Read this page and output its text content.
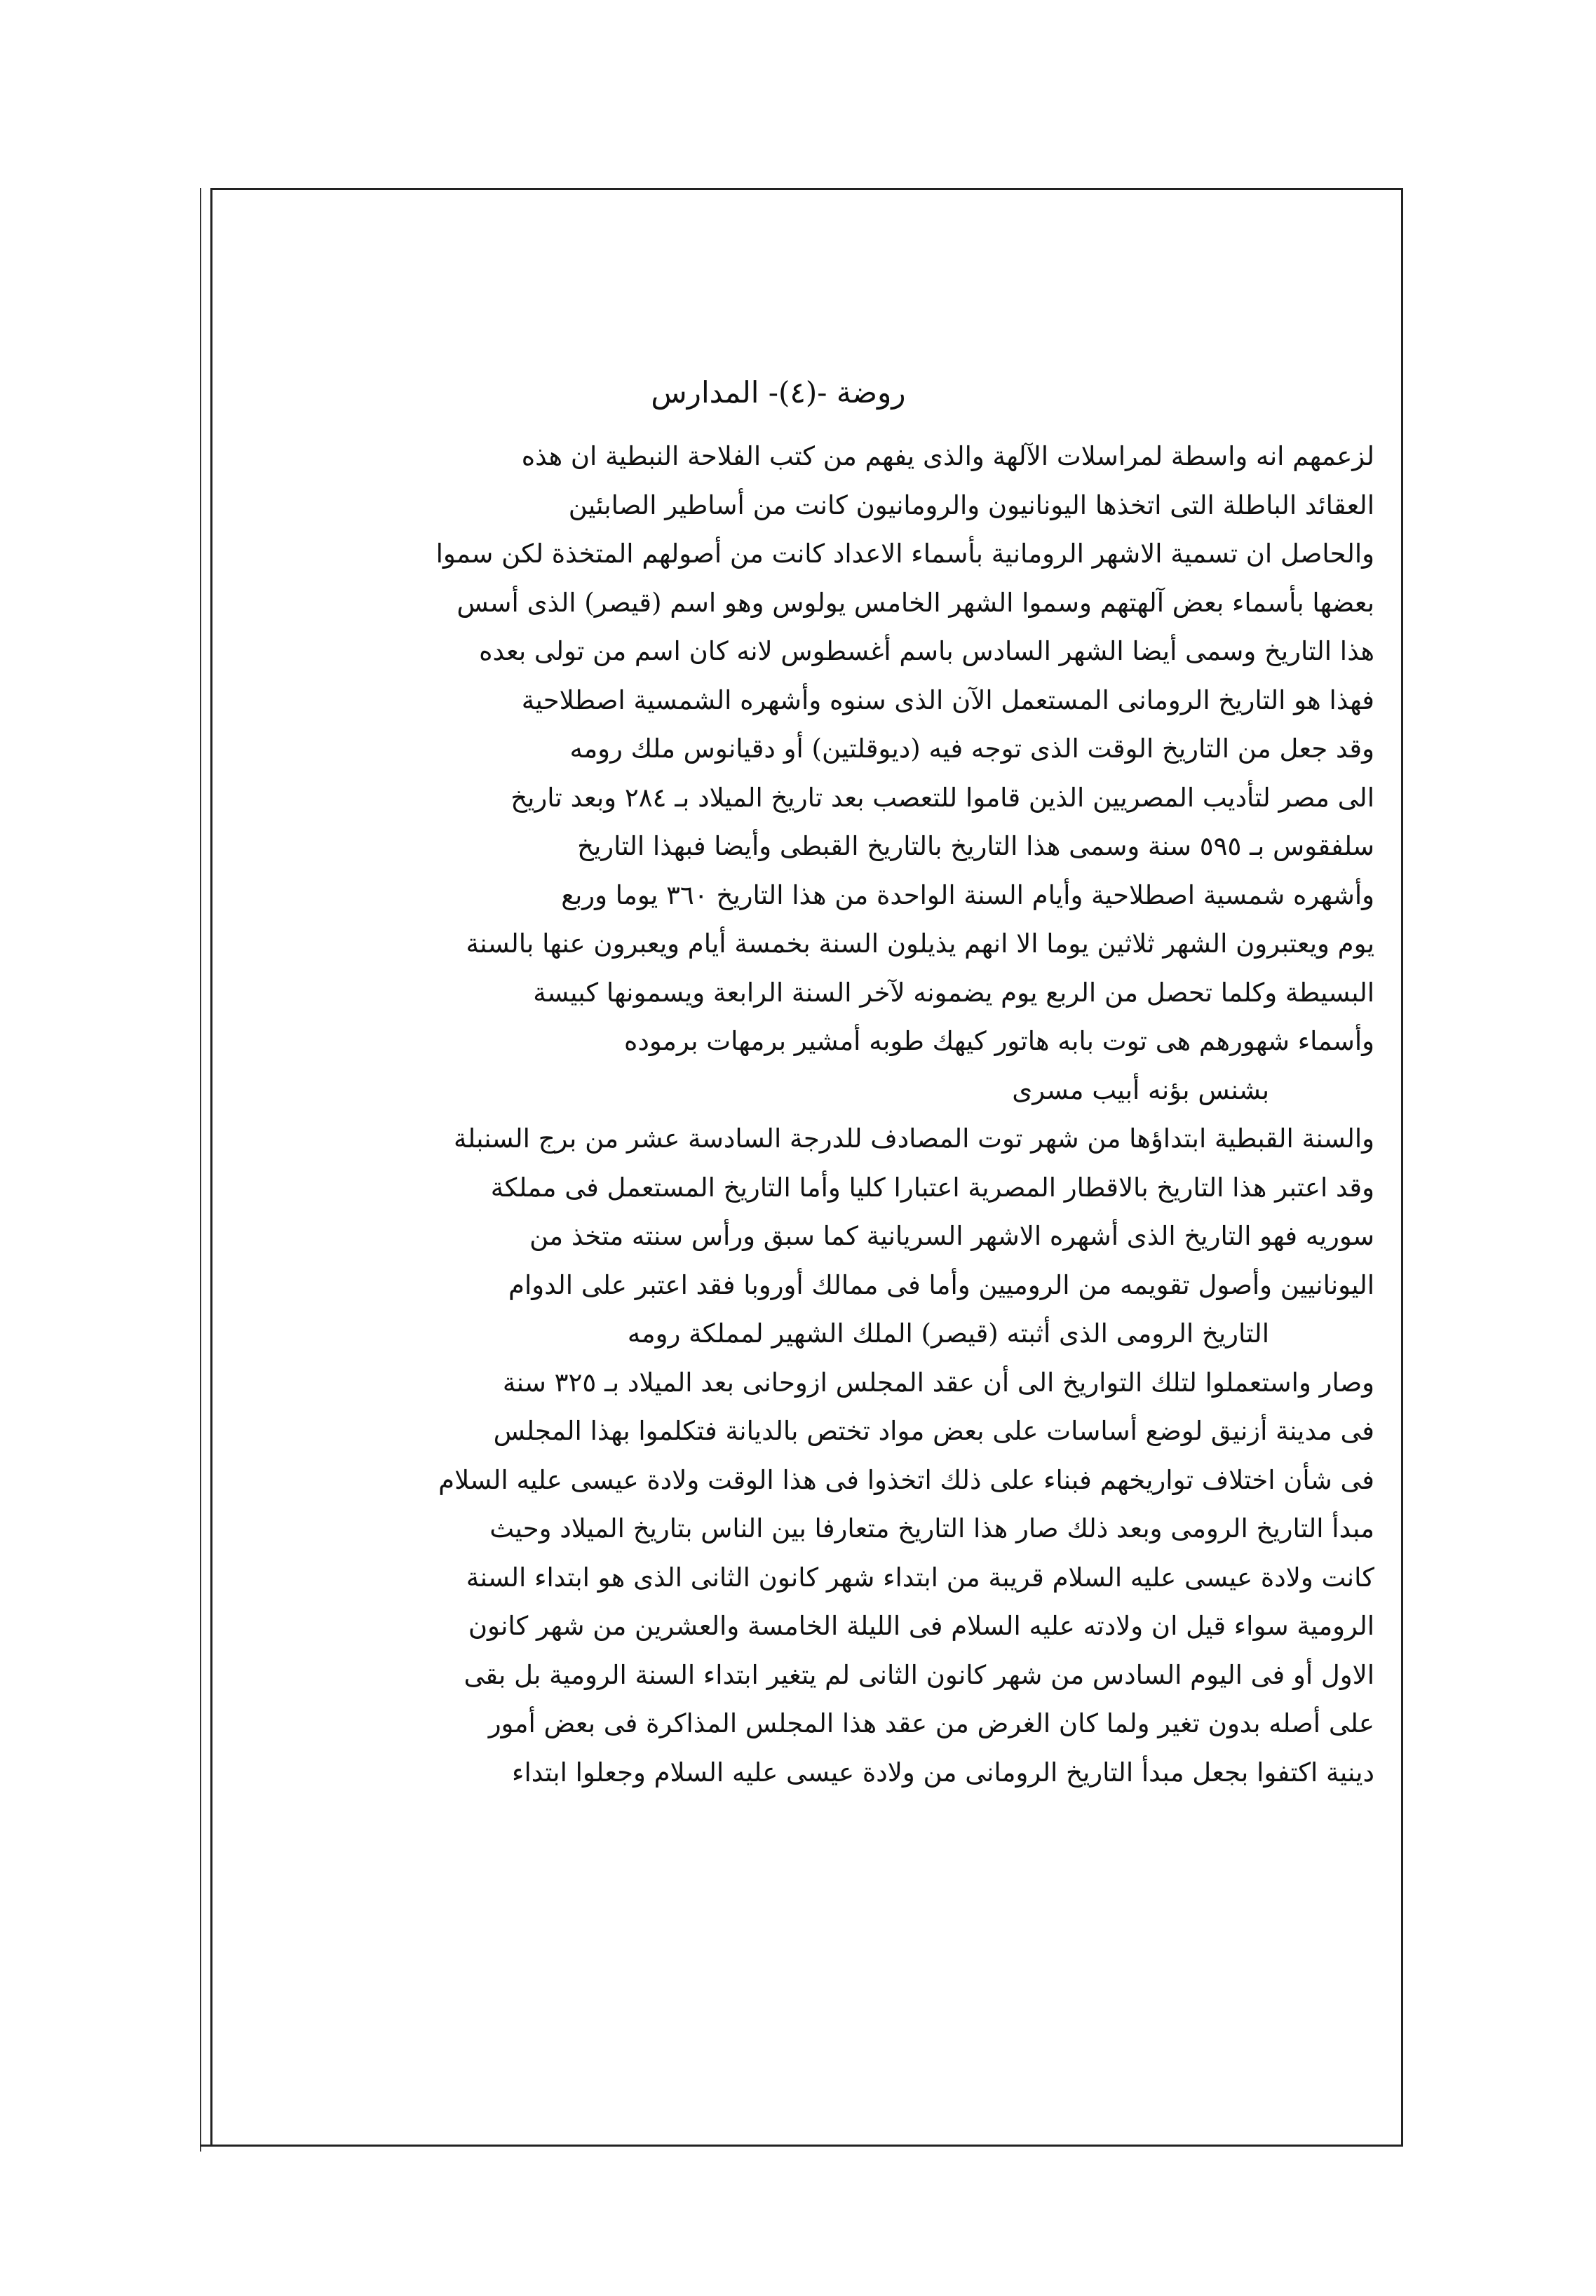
روضة -(٤)- المدارس
لزعمهم انه واسطة لمراسلات الآلهة والذى يفهم من كتب الفلاحة النبطية ان هذه
العقائد الباطلة التى اتخذها اليونانيون والرومانيون كانت من أساطير الصابئين
والحاصل ان تسمية الاشهر الرومانية بأسماء الاعداد كانت من أصولهم المتخذة لكن سموا
بعضها بأسماء بعض آلهتهم وسموا الشهر الخامس يولوس وهو اسم (قيصر) الذى أسس
هذا التاريخ وسمى أيضا الشهر السادس باسم أغسطوس لانه كان اسم من تولى بعده
فهذا هو التاريخ الرومانى المستعمل الآن الذى سنوه وأشهره الشمسية اصطلاحية
وقد جعل من التاريخ الوقت الذى توجه فيه (ديوقلتين) أو دقيانوس ملك رومه
الى مصر لتأديب المصريين الذين قاموا للتعصب بعد تاريخ الميلاد بـ ٢٨٤ وبعد تاريخ
سلفقوس بـ ٥٩٥ سنة وسمى هذا التاريخ بالتاريخ القبطى وأيضا فبهذا التاريخ
وأشهره شمسية اصطلاحية وأيام السنة الواحدة من هذا التاريخ ٣٦٠ يوما وربع
يوم ويعتبرون الشهر ثلاثين يوما الا انهم يذيلون السنة بخمسة أيام ويعبرون عنها بالسنة
البسيطة وكلما تحصل من الربع يوم يضمونه لآخر السنة الرابعة ويسمونها كبيسة
وأسماء شهورهم هى توت بابه هاتور كيهك طوبه أمشير برمهات برموده
بشنس بؤنه أبيب مسرى
والسنة القبطية ابتداؤها من شهر توت المصادف للدرجة السادسة عشر من برج السنبلة
وقد اعتبر هذا التاريخ بالاقطار المصرية اعتبارا كليا وأما التاريخ المستعمل فى مملكة
سوريه فهو التاريخ الذى أشهره الاشهر السريانية كما سبق ورأس سنته متخذ من
اليونانيين وأصول تقويمه من الروميين وأما فى ممالك أوروبا فقد اعتبر على الدوام
التاريخ الرومى الذى أثبته (قيصر) الملك الشهير لمملكة رومه
وصار واستعملوا لتلك التواريخ الى أن عقد المجلس ازوحانى بعد الميلاد بـ ٣٢٥ سنة
فى مدينة أزنيق لوضع أساسات على بعض مواد تختص بالديانة فتكلموا بهذا المجلس
فى شأن اختلاف تواريخهم فبناء على ذلك اتخذوا فى هذا الوقت ولادة عيسى عليه السلام
مبدأ التاريخ الرومى وبعد ذلك صار هذا التاريخ متعارفا بين الناس بتاريخ الميلاد وحيث
كانت ولادة عيسى عليه السلام قريبة من ابتداء شهر كانون الثانى الذى هو ابتداء السنة
الرومية سواء قيل ان ولادته عليه السلام فى الليلة الخامسة والعشرين من شهر كانون
الاول أو فى اليوم السادس من شهر كانون الثانى لم يتغير ابتداء السنة الرومية بل بقى
على أصله بدون تغير ولما كان الغرض من عقد هذا المجلس المذاكرة فى بعض أمور
دينية اكتفوا بجعل مبدأ التاريخ الرومانى من ولادة عيسى عليه السلام وجعلوا ابتداء
